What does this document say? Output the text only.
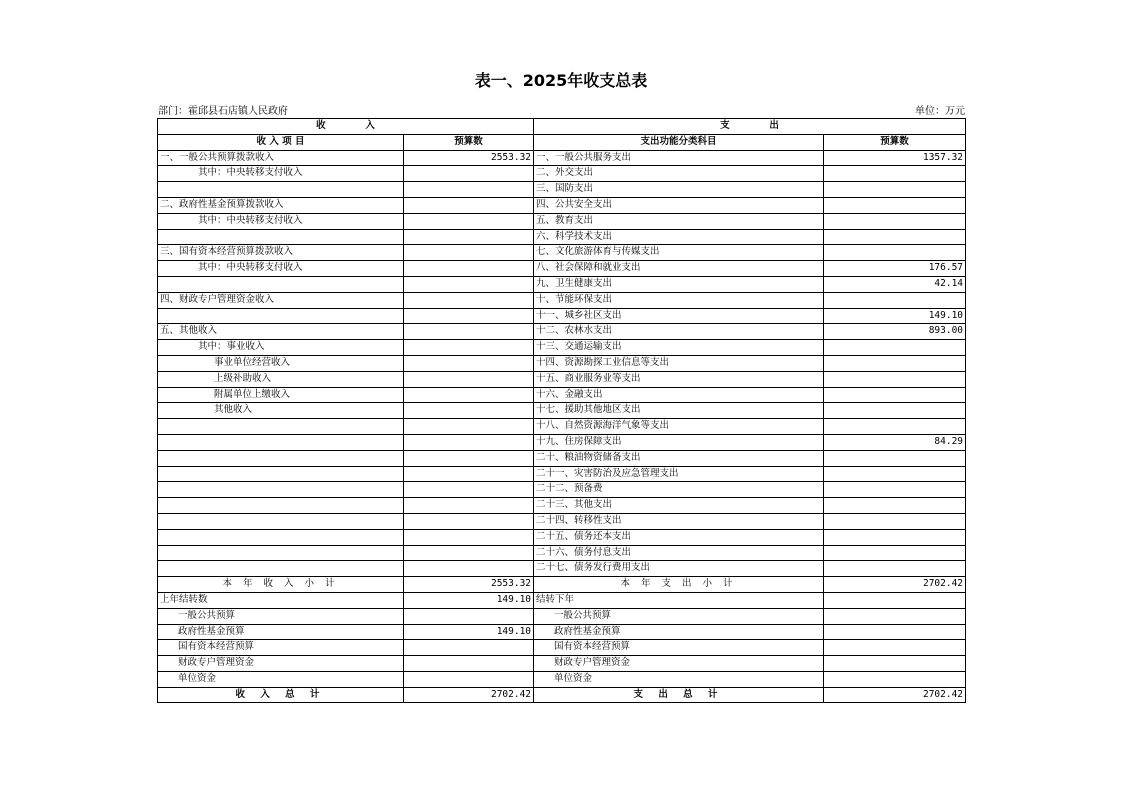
表一、2025年收支总表
部门：霍邱县石店镇人民政府	单位：万元
收            入		支            出	
收 入 项 目	预算数	支出功能分类科目	预算数
一、一般公共预算拨款收入	2553.32	一、一般公共服务支出	1357.32
其中：中央转移支付收入		二、外交支出	
		三、国防支出	
二、政府性基金预算拨款收入		四、公共安全支出	
其中：中央转移支付收入		五、教育支出	
		六、科学技术支出	
三、国有资本经营预算拨款收入		七、文化旅游体育与传媒支出	
其中：中央转移支付收入		八、社会保障和就业支出	176.57
		九、卫生健康支出	42.14
四、财政专户管理资金收入		十、节能环保支出	
		十一、城乡社区支出	149.10
五、其他收入		十二、农林水支出	893.00
其中：事业收入		十三、交通运输支出	
事业单位经营收入		十四、资源勘探工业信息等支出	
上级补助收入		十五、商业服务业等支出	
附属单位上缴收入		十六、金融支出	
其他收入		十七、援助其他地区支出	
		十八、自然资源海洋气象等支出	
		十九、住房保障支出	84.29
		二十、粮油物资储备支出	
		二十一、灾害防治及应急管理支出	
		二十二、预备费	
		二十三、其他支出	
		二十四、转移性支出	
		二十五、债务还本支出	
		二十六、债务付息支出	
		二十七、债务发行费用支出	
本 年 收 入 小 计	2553.32	本 年 支 出 小 计	2702.42
上年结转数	149.10	结转下年	
一般公共预算		一般公共预算	
政府性基金预算	149.10	政府性基金预算	
国有资本经营预算		国有资本经营预算	
财政专户管理资金		财政专户管理资金	
单位资金		单位资金	
收 入 总 计	2702.42	支 出 总 计	2702.42
